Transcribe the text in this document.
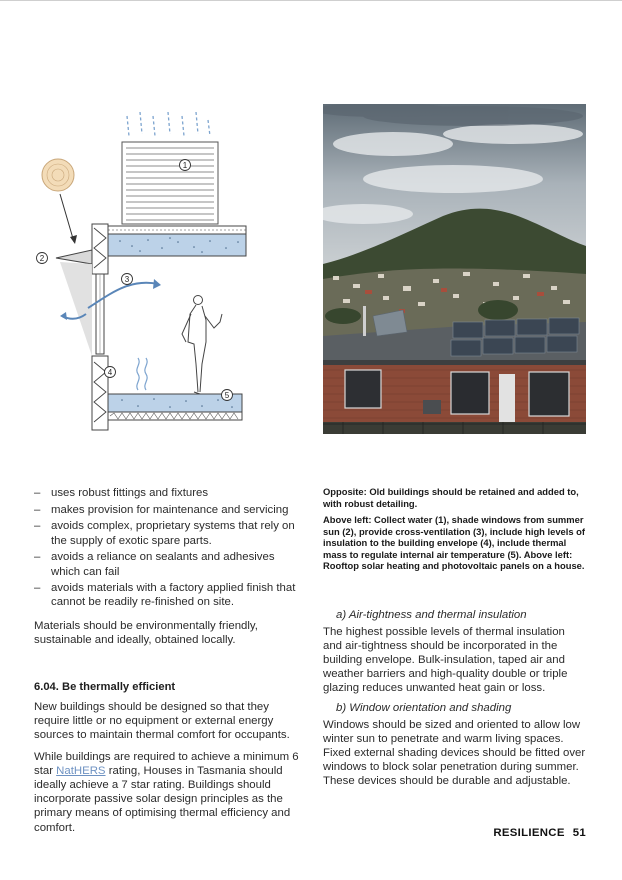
1
2
3
4
5
– uses robust fittings and fixtures
– makes provision for maintenance and servicing
– avoids complex, proprietary systems that rely on the supply of exotic spare parts.
– avoids a reliance on sealants and adhesives which can fail
– avoids materials with a factory applied finish that cannot be readily re-finished on site.

Materials should be environmentally friendly, sustainable and ideally, obtained locally.

6.04. Be thermally efficient

New buildings should be designed so that they require little or no equipment or external energy sources to maintain thermal comfort for occupants.

While buildings are required to achieve a minimum 6 star NatHERS rating, Houses in Tasmania should ideally achieve a 7 star rating. Buildings should incorporate passive solar design principles as the primary means of optimising thermal efficiency and comfort.

Opposite: Old buildings should be retained and added to, with robust detailing.

Above left: Collect water (1), shade windows from summer sun (2), provide cross-ventilation (3), include high levels of insulation to the building envelope (4), include thermal mass to regulate internal air temperature (5). Above left: Rooftop solar heating and photovoltaic panels on a house.

a) Air-tightness and thermal insulation

The highest possible levels of thermal insulation and air-tightness should be incorporated in the building envelope. Bulk-insulation, taped air and weather barriers and high-quality double or triple glazing reduces unwanted heat gain or loss.

b) Window orientation and shading

Windows should be sized and oriented to allow low winter sun to penetrate and warm living spaces. Fixed external shading devices should be fitted over windows to block solar penetration during summer. These devices should be durable and adjustable.

RESILIENCE 51
